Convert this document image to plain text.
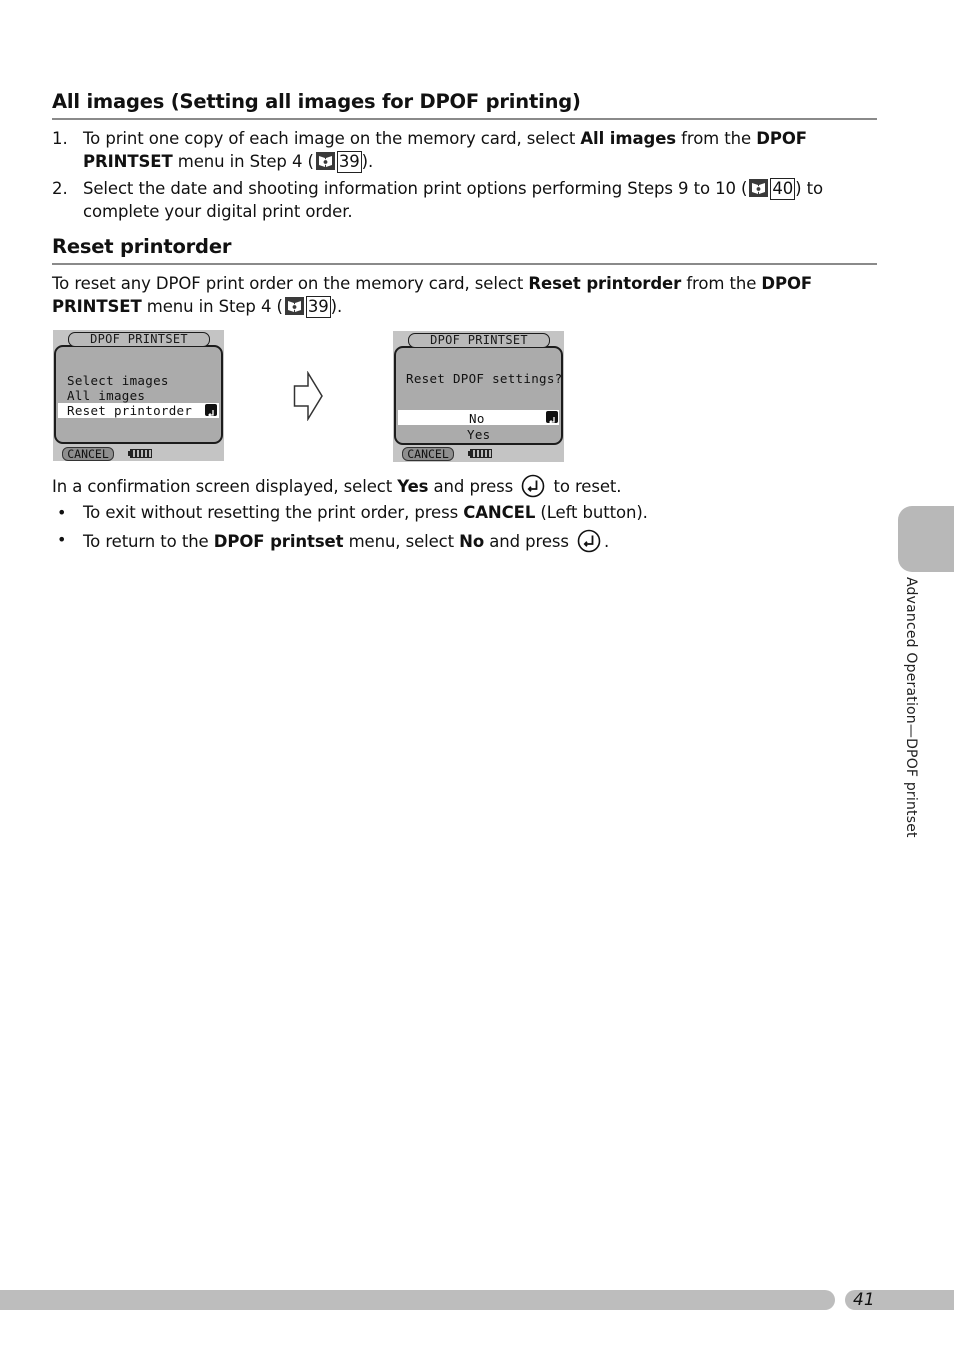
All images (Setting all images for DPOF printing)
1. To print one copy of each image on the memory card, select All images from the DPOF
PRINTSET menu in Step 4 ( 39 ).
2. Select the date and shooting information print options performing Steps 9 to 10 ( 40 ) to
complete your digital print order.
Reset printorder
To reset any DPOF print order on the memory card, select Reset printorder from the DPOF
PRINTSET menu in Step 4 ( 39 ).
DPOF PRINTSET
Select images
All images
Reset printorder
CANCEL
DPOF PRINTSET
Reset DPOF settings?
No
Yes
CANCEL
In a confirmation screen displayed, select Yes and press  to reset.
• To exit without resetting the print order, press CANCEL (Left button).
• To return to the DPOF printset menu, select No and press .
Advanced Operation—DPOF printset
41
